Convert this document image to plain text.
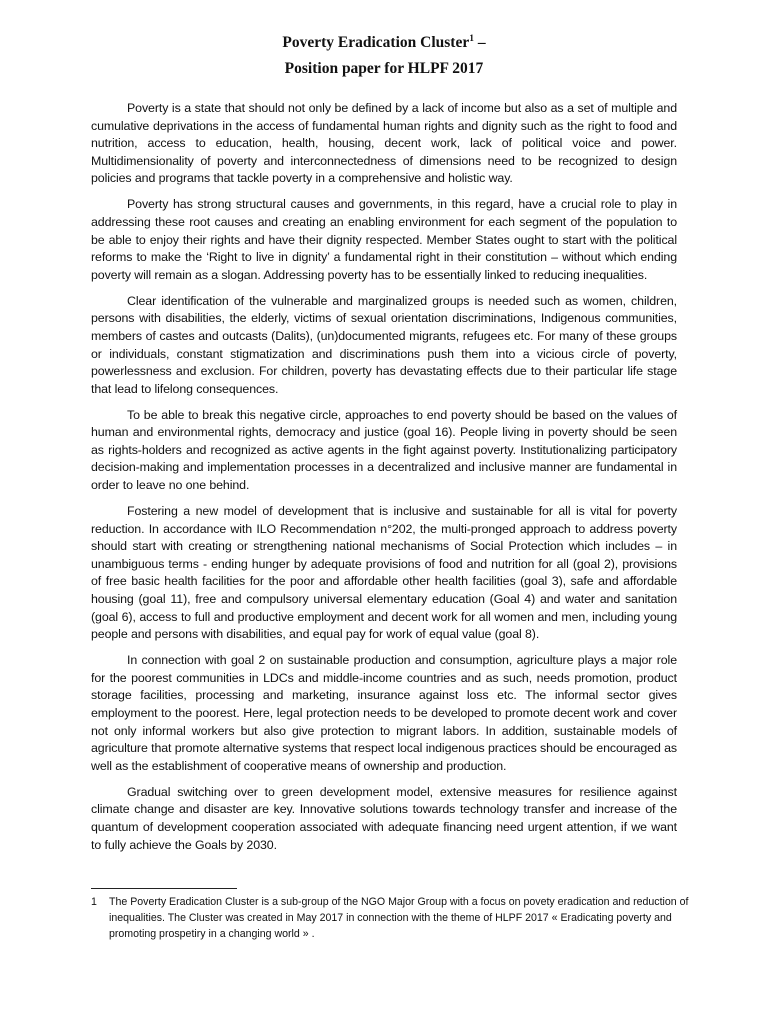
Poverty Eradication Cluster$^1$ –
Position paper for HLPF 2017

Poverty is a state that should not only be defined by a lack of income but also as a set of multiple and cumulative deprivations in the access of fundamental human rights and dignity such as the right to food and nutrition, access to education, health, housing, decent work, lack of political voice and power. Multidimensionality of poverty and interconnectedness of dimensions need to be recognized to design policies and programs that tackle poverty in a comprehensive and holistic way.

Poverty has strong structural causes and governments, in this regard, have a crucial role to play in addressing these root causes and creating an enabling environment for each segment of the population to be able to enjoy their rights and have their dignity respected. Member States ought to start with the political reforms to make the ‘Right to live in dignity’ a fundamental right in their constitution – without which ending poverty will remain as a slogan. Addressing poverty has to be essentially linked to reducing inequalities.

Clear identification of the vulnerable and marginalized groups is needed such as women, children, persons with disabilities, the elderly, victims of sexual orientation discriminations, Indigenous communities, members of castes and outcasts (Dalits), (un)documented migrants, refugees etc. For many of these groups or individuals, constant stigmatization and discriminations push them into a vicious circle of poverty, powerlessness and exclusion. For children, poverty has devastating effects due to their particular life stage that lead to lifelong consequences.

To be able to break this negative circle, approaches to end poverty should be based on the values of human and environmental rights, democracy and justice (goal 16). People living in poverty should be seen as rights-holders and recognized as active agents in the fight against poverty. Institutionalizing participatory decision-making and implementation processes in a decentralized and inclusive manner are fundamental in order to leave no one behind.

Fostering a new model of development that is inclusive and sustainable for all is vital for poverty reduction. In accordance with ILO Recommendation n°202, the multi-pronged approach to address poverty should start with creating or strengthening national mechanisms of Social Protection which includes – in unambiguous terms - ending hunger by adequate provisions of food and nutrition for all (goal 2), provisions of free basic health facilities for the poor and affordable other health facilities (goal 3), safe and affordable housing (goal 11), free and compulsory universal elementary education (Goal 4) and water and sanitation (goal 6), access to full and productive employment and decent work for all women and men, including young people and persons with disabilities, and equal pay for work of equal value (goal 8).

In connection with goal 2 on sustainable production and consumption, agriculture plays a major role for the poorest communities in LDCs and middle-income countries and as such, needs promotion, product storage facilities, processing and marketing, insurance against loss etc. The informal sector gives employment to the poorest. Here, legal protection needs to be developed to promote decent work and cover not only informal workers but also give protection to migrant labors. In addition, sustainable models of agriculture that promote alternative systems that respect local indigenous practices should be encouraged as well as the establishment of cooperative means of ownership and production.

Gradual switching over to green development model, extensive measures for resilience against climate change and disaster are key. Innovative solutions towards technology transfer and increase of the quantum of development cooperation associated with adequate financing need urgent attention, if we want to fully achieve the Goals by 2030.

1	The Poverty Eradication Cluster is a sub-group of the NGO Major Group with a focus on povety eradication and reduction of inequalities. The Cluster was created in May 2017 in connection with the theme of HLPF 2017 « Eradicating poverty and promoting prospetiry in a changing world » .
